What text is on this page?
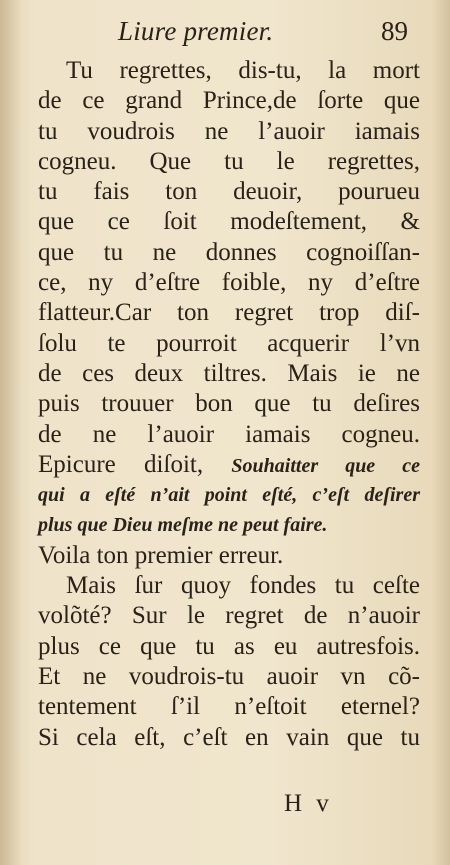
Liure premier.	89
Tu regrettes, dis-tu, la mort
de ce grand Prince,de ſorte que
tu voudrois ne l’auoir iamais
cogneu. Que tu le regrettes,
tu fais ton deuoir, pourueu
que ce ſoit modeſtement, &
que tu ne donnes cognoiſſan-
ce, ny d’eſtre foible, ny d’eſtre
flatteur.Car ton regret trop diſ-
ſolu te pourroit acquerir l’vn
de ces deux tiltres. Mais ie ne
puis trouuer bon que tu deſires
de ne l’auoir iamais cogneu.
Epicure diſoit, Souhaitter que ce
qui a eſté n’ait point eſté, c’eſt deſirer
plus que Dieu meſme ne peut faire.
Voila ton premier erreur.
Mais ſur quoy fondes tu ceſte
volõté? Sur le regret de n’auoir
plus ce que tu as eu autresfois.
Et ne voudrois-tu auoir vn cõ-
tentement ſ’il n’eſtoit eternel?
Si cela eſt, c’eſt en vain que tu
H v
